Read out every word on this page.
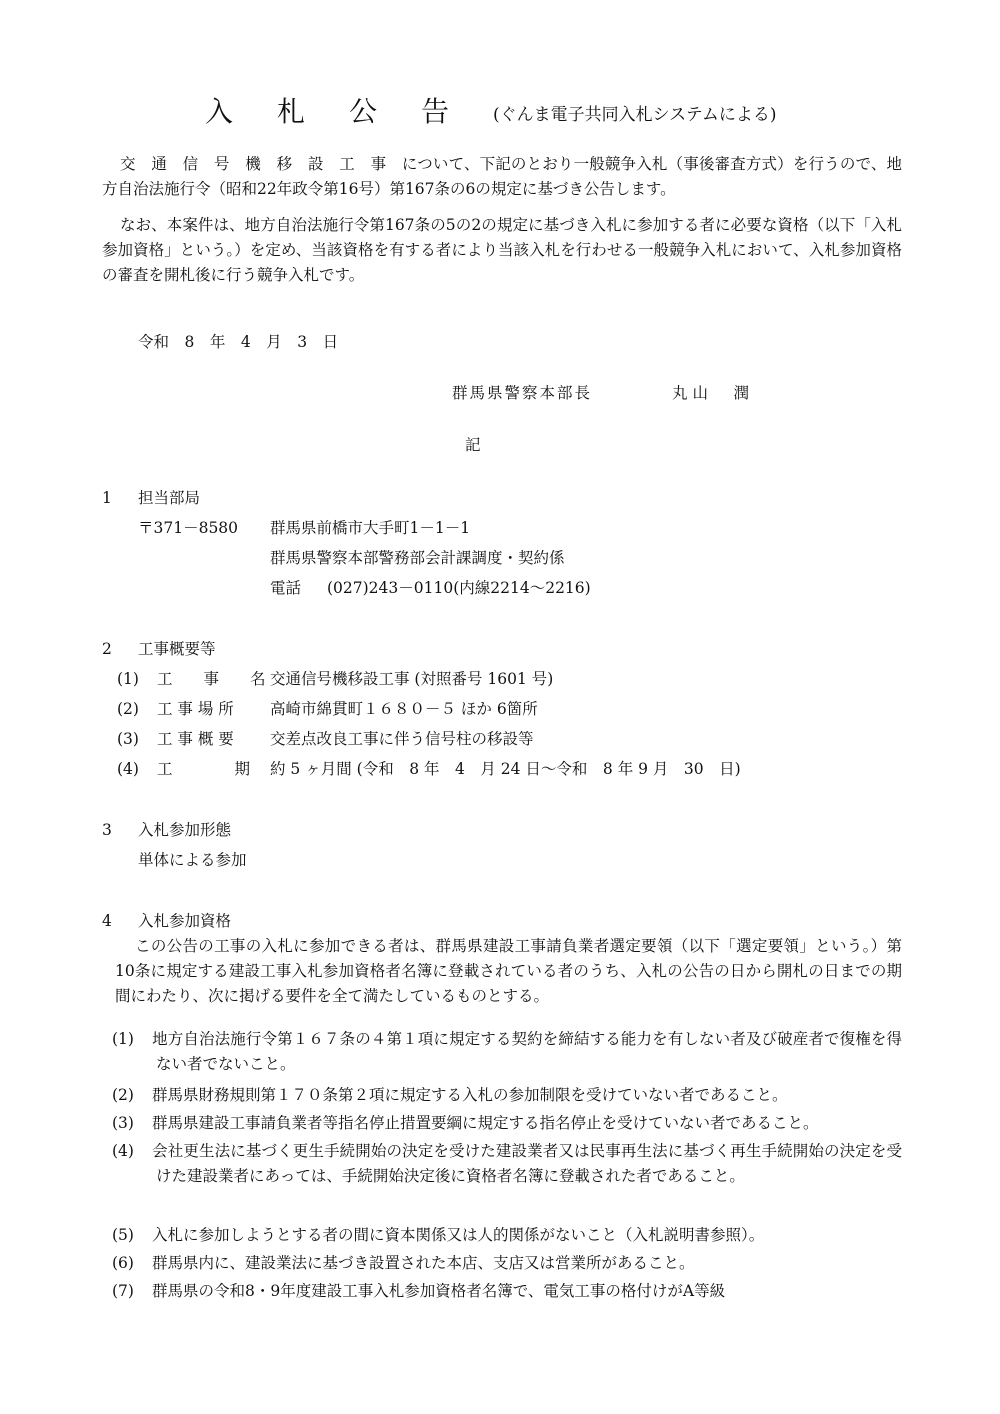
入札公告 (ぐんま電子共同入札システムによる)
交　通　信　号　機　移　設　工　事　について、下記のとおり一般競争入札（事後審査方式）を行うので、地方自治法施行令（昭和22年政令第16号）第167条の6の規定に基づき公告します。
なお、本案件は、地方自治法施行令第167条の5の2の規定に基づき入札に参加する者に必要な資格（以下「入札参加資格」という。）を定め、当該資格を有する者により当該入札を行わせる一般競争入札において、入札参加資格の審査を開札後に行う競争入札です。
令和　8　年　4　月　3　日
群馬県警察本部長	丸山　潤
記
1 担当部局
〒371－8580 群馬県前橋市大手町1－1－1
群馬県警察本部警務部会計課調度・契約係
電話 (027)243－0110(内線2214～2216)
2 工事概要等
(1) 工　　事　　名 交通信号機移設工事 (対照番号 1601 号)
(2) 工 事 場 所 高崎市綿貫町１６８０－５ ほか 6箇所
(3) 工 事 概 要 交差点改良工事に伴う信号柱の移設等
(4) 工　　　　期 約 5 ヶ月間 (令和　8 年　4　月 24 日～令和　8 年 9 月　30　日)
3 入札参加形態
単体による参加
4 入札参加資格
この公告の工事の入札に参加できる者は、群馬県建設工事請負業者選定要領（以下「選定要領」という。）第10条に規定する建設工事入札参加資格者名簿に登載されている者のうち、入札の公告の日から開札の日までの期間にわたり、次に掲げる要件を全て満たしているものとする。
(1) 地方自治法施行令第１６７条の４第１項に規定する契約を締結する能力を有しない者及び破産者で復権を得ない者でないこと。
(2) 群馬県財務規則第１７０条第２項に規定する入札の参加制限を受けていない者であること。
(3) 群馬県建設工事請負業者等指名停止措置要綱に規定する指名停止を受けていない者であること。
(4) 会社更生法に基づく更生手続開始の決定を受けた建設業者又は民事再生法に基づく再生手続開始の決定を受けた建設業者にあっては、手続開始決定後に資格者名簿に登載された者であること。
(5) 入札に参加しようとする者の間に資本関係又は人的関係がないこと（入札説明書参照）。
(6) 群馬県内に、建設業法に基づき設置された本店、支店又は営業所があること。
(7) 群馬県の令和8・9年度建設工事入札参加資格者名簿で、電気工事の格付けがA等級
